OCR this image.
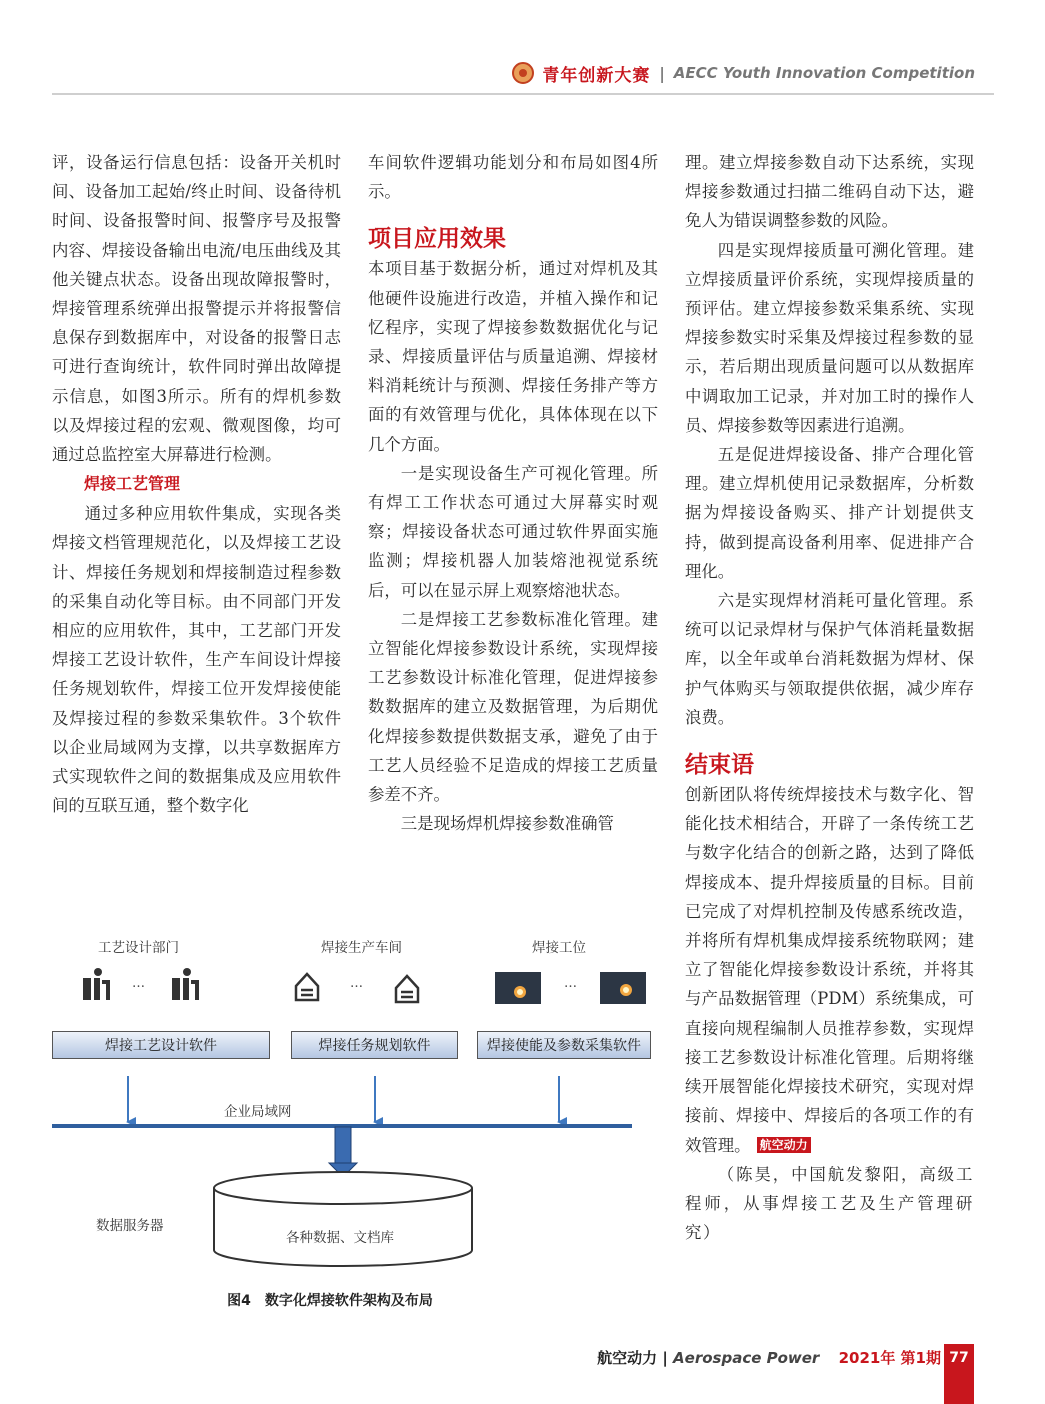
青年创新大赛 | AECC Youth Innovation Competition

评，设备运行信息包括：设备开关机时间、设备加工起始/终止时间、设备待机时间、设备报警时间、报警序号及报警内容、焊接设备输出电流/电压曲线及其他关键点状态。设备出现故障报警时，焊接管理系统弹出报警提示并将报警信息保存到数据库中，对设备的报警日志可进行查询统计，软件同时弹出故障提示信息，如图3所示。所有的焊机参数以及焊接过程的宏观、微观图像，均可通过总监控室大屏幕进行检测。

焊接工艺管理

通过多种应用软件集成，实现各类焊接文档管理规范化，以及焊接工艺设计、焊接任务规划和焊接制造过程参数的采集自动化等目标。由不同部门开发相应的应用软件，其中，工艺部门开发焊接工艺设计软件，生产车间设计焊接任务规划软件，焊接工位开发焊接使能及焊接过程的参数采集软件。3个软件以企业局域网为支撑，以共享数据库方式实现软件之间的数据集成及应用软件间的互联互通，整个数字化

车间软件逻辑功能划分和布局如图4所示。

项目应用效果

本项目基于数据分析，通过对焊机及其他硬件设施进行改造，并植入操作和记忆程序，实现了焊接参数数据优化与记录、焊接质量评估与质量追溯、焊接材料消耗统计与预测、焊接任务排产等方面的有效管理与优化，具体体现在以下几个方面。

一是实现设备生产可视化管理。所有焊工工作状态可通过大屏幕实时观察；焊接设备状态可通过软件界面实施监测；焊接机器人加装熔池视觉系统后，可以在显示屏上观察熔池状态。

二是焊接工艺参数标准化管理。建立智能化焊接参数设计系统，实现焊接工艺参数设计标准化管理，促进焊接参数数据库的建立及数据管理，为后期优化焊接参数提供数据支承，避免了由于工艺人员经验不足造成的焊接工艺质量参差不齐。

三是现场焊机焊接参数准确管

理。建立焊接参数自动下达系统，实现焊接参数通过扫描二维码自动下达，避免人为错误调整参数的风险。

四是实现焊接质量可溯化管理。建立焊接质量评价系统，实现焊接质量的预评估。建立焊接参数采集系统、实现焊接参数实时采集及焊接过程参数的显示，若后期出现质量问题可以从数据库中调取加工记录，并对加工时的操作人员、焊接参数等因素进行追溯。

五是促进焊接设备、排产合理化管理。建立焊机使用记录数据库，分析数据为焊接设备购买、排产计划提供支持，做到提高设备利用率、促进排产合理化。

六是实现焊材消耗可量化管理。系统可以记录焊材与保护气体消耗量数据库，以全年或单台消耗数据为焊材、保护气体购买与领取提供依据，减少库存浪费。

结束语

创新团队将传统焊接技术与数字化、智能化技术相结合，开辟了一条传统工艺与数字化结合的创新之路，达到了降低焊接成本、提升焊接质量的目标。目前已完成了对焊机控制及传感系统改造，并将所有焊机集成焊接系统物联网；建立了智能化焊接参数设计系统，并将其与产品数据管理（PDM）系统集成，可直接向规程编制人员推荐参数，实现焊接工艺参数设计标准化管理。后期将继续开展智能化焊接技术研究，实现对焊接前、焊接中、焊接后的各项工作的有效管理。 航空动力

（陈昊，中国航发黎阳，高级工程师，从事焊接工艺及生产管理研究）

工艺设计部门	焊接生产车间	焊接工位
…	…	…
焊接工艺设计软件	焊接任务规划软件	焊接使能及参数采集软件
企业局域网
数据服务器
各种数据、文档库
图4　数字化焊接软件架构及布局
航空动力 | Aerospace Power 2021年 第1期 77
